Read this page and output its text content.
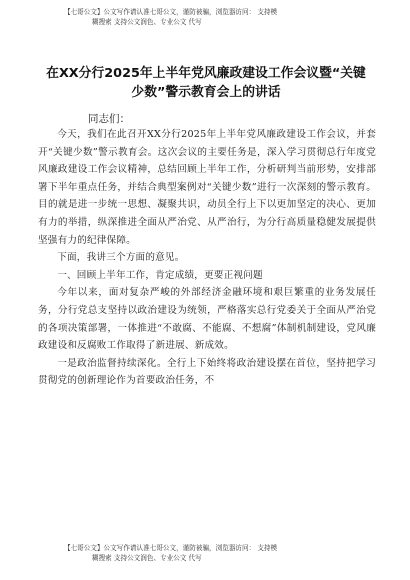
【七哥公文】公文写作请认准七哥公文，谨防被骗，浏览器访问： 支持模
糊搜索 支持公文润色、专业公文 代写
在XX分行2025年上半年党风廉政建设工作会议暨“关键
少数”警示教育会上的讲话
同志们：

今天，我们在此召开XX分行2025年上半年党风廉政建设工作会议，并套开“关键少数”警示教育会。这次会议的主要任务是，深入学习贯彻总行年度党风廉政建设工作会议精神，总结回顾上半年工作，分析研判当前形势，安排部署下半年重点任务，并结合典型案例对“关键少数”进行一次深刻的警示教育。目的就是进一步统一思想、凝聚共识，动员全行上下以更加坚定的决心、更加有力的举措，纵深推进全面从严治党、从严治行，为分行高质量稳健发展提供坚强有力的纪律保障。

下面，我讲三个方面的意见。

一、回顾上半年工作，肯定成绩，更要正视问题

今年以来，面对复杂严峻的外部经济金融环境和艰巨繁重的业务发展任务，分行党总支坚持以政治建设为统领，严格落实总行党委关于全面从严治党的各项决策部署，一体推进“不敢腐、不能腐、不想腐”体制机制建设，党风廉政建设和反腐败工作取得了新进展、新成效。

一是政治监督持续深化。全行上下始终将政治建设摆在首位，坚持把学习贯彻党的创新理论作为首要政治任务，不

【七哥公文】公文写作请认准七哥公文，谨防被骗，浏览器访问： 支持模
糊搜索 支持公文润色、专业公文 代写
